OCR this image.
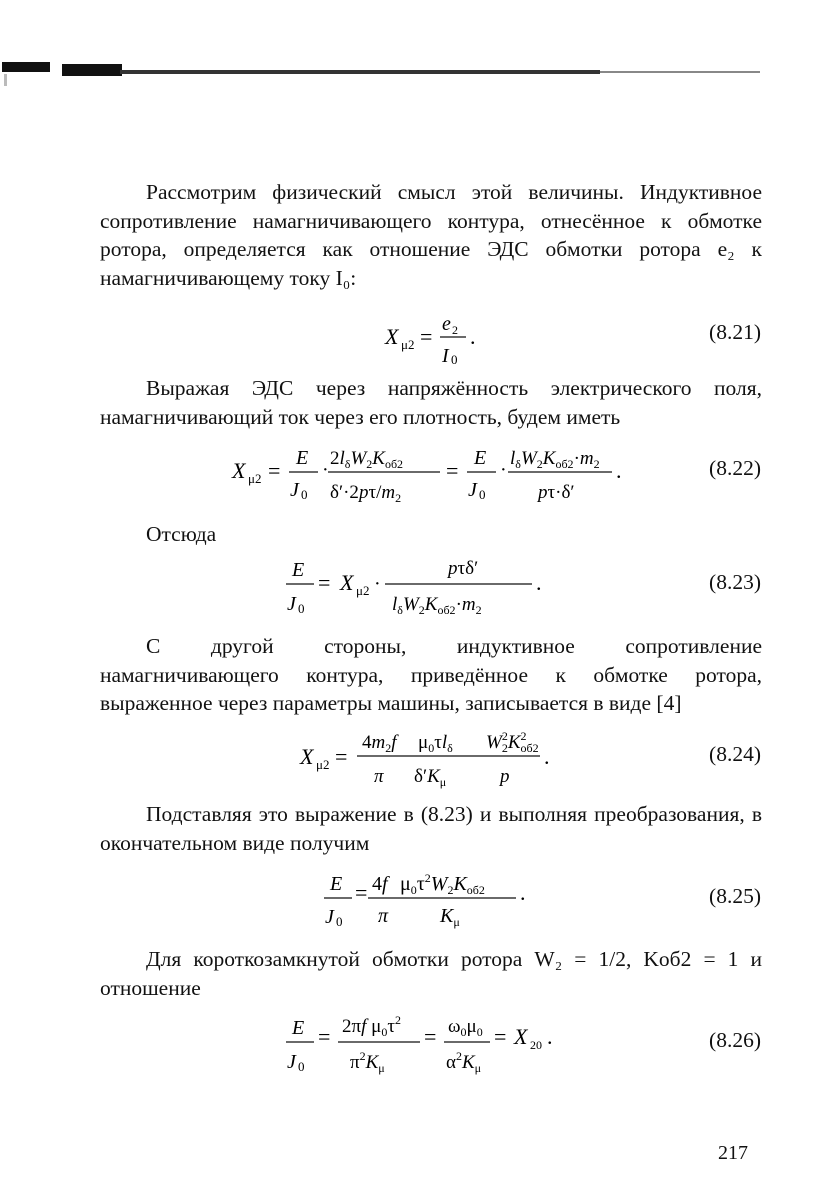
Рассмотрим физический смысл этой величины. Индуктивное сопротивление намагничивающего контура, отнесённое к обмотке ротора, определяется как отношение ЭДС обмотки ротора e₂ к намагничивающему току I₀:

X μ2 = e 2
I 0
.	(8.21)

Выражая ЭДС через напряжённость электрического поля, намагничивающий ток через его плотность, будем иметь

X μ2 = E
J 0
·
$2l_\delta W_2K_{об2}$
$\delta'\cdot 2p\tau/m_2$
= E
J 0
·
$l_\delta W_2K_{об2}\cdot m_2$
pτ·δ′
.	(8.22)

Отсюда

E
J 0
= X μ2 ·
pτδ′
$l_\delta W_2K_{об2}\cdot m_2$
.	(8.23)

С другой стороны, индуктивное сопротивление намагничивающего контура, приведённое к обмотке ротора, выраженное через параметры машины, записывается в виде [4]

X μ2 =
$4m_2f$
π
$\mu_0\tau l_\delta$
$\delta'K_\mu$
$W^2$ $2K^2$ об2
p
.	(8.24)

Подставляя это выражение в (8.23) и выполняя преобразования, в окончательном виде получим

E
J 0
= 4f
π
$\mu_0\tau^2W_2K_{об2}$
$K_\mu$
.	(8.25)

Для короткозамкнутой обмотки ротора W₂ = 1/2, Kоб2 = 1 и отношение

E
J 0
= 2πf $\mu_0\tau^2$
$\pi^2K_\mu$
= $\omega_0\mu_0$
$\alpha^2K_\mu$
= X 20 .	(8.26)
217
